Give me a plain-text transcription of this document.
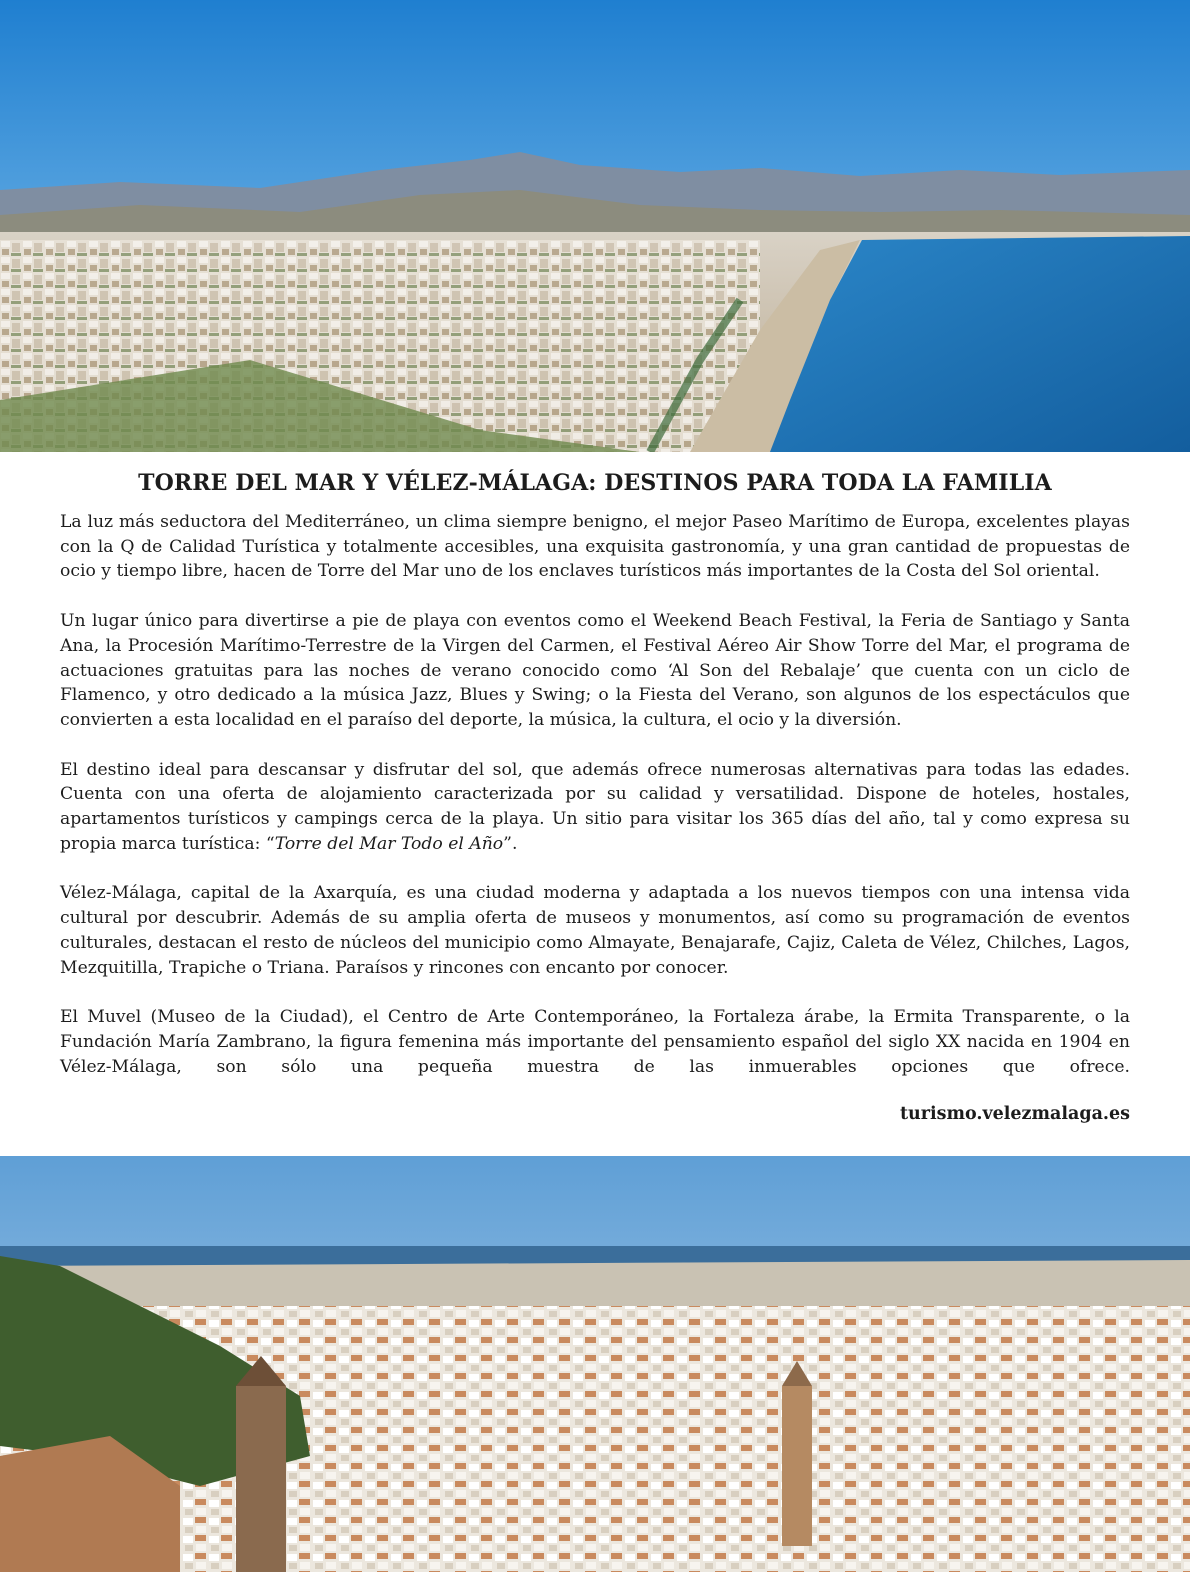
TORRE DEL MAR Y VÉLEZ-MÁLAGA: DESTINOS PARA TODA LA FAMILIA

La luz más seductora del Mediterráneo, un clima siempre benigno, el mejor Paseo Marítimo de Europa, excelentes playas con la Q de Calidad Turística y totalmente accesibles, una exquisita gastronomía, y una gran cantidad de propuestas de ocio y tiempo libre, hacen de Torre del Mar uno de los enclaves turísticos más importantes de la Costa del Sol oriental.

Un lugar único para divertirse a pie de playa con eventos como el Weekend Beach Festival, la Feria de Santiago y Santa Ana, la Procesión Marítimo-Terrestre de la Virgen del Carmen, el Festival Aéreo Air Show Torre del Mar, el programa de actuaciones gratuitas para las noches de verano conocido como ‘Al Son del Rebalaje’ que cuenta con un ciclo de Flamenco, y otro dedicado a la música Jazz, Blues y Swing; o la Fiesta del Verano, son algunos de los espectáculos que convierten a esta localidad en el paraíso del deporte, la música, la cultura, el ocio y la diversión.

El destino ideal para descansar y disfrutar del sol, que además ofrece numerosas alternativas para todas las edades. Cuenta con una oferta de alojamiento caracterizada por su calidad y versatilidad. Dispone de hoteles, hostales, apartamentos turísticos y campings cerca de la playa. Un sitio para visitar los 365 días del año, tal y como expresa su propia marca turística: “Torre del Mar Todo el Año”.

Vélez-Málaga, capital de la Axarquía, es una ciudad moderna y adaptada a los nuevos tiempos con una intensa vida cultural por descubrir. Además de su amplia oferta de museos y monumentos, así como su programación de eventos culturales, destacan el resto de núcleos del municipio como Almayate, Benajarafe, Cajiz, Caleta de Vélez, Chilches, Lagos, Mezquitilla, Trapiche o Triana. Paraísos y rincones con encanto por conocer.

El Muvel (Museo de la Ciudad), el Centro de Arte Contemporáneo, la Fortaleza árabe, la Ermita Transparente, o la Fundación María Zambrano, la figura femenina más importante del pensamiento español del siglo XX nacida en 1904 en Vélez-Málaga, son sólo una pequeña muestra de las inmuerables opciones que ofrece.

turismo.velezmalaga.es
